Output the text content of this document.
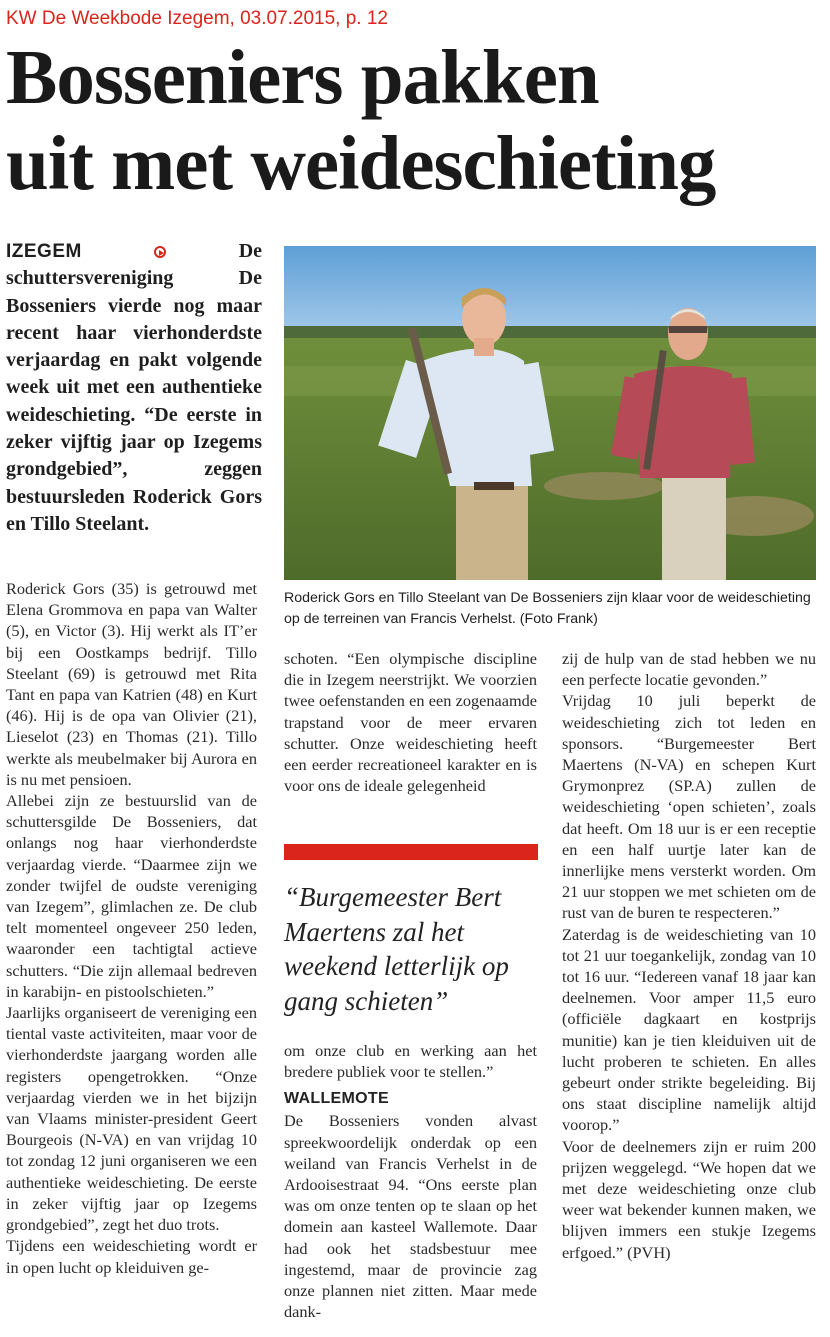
KW De Weekbode Izegem, 03.07.2015, p. 12
Bosseniers pakken
uit met weideschieting
IZEGEM	De schuttersvereniging De Bosseniers vierde nog maar recent haar vierhonderdste verjaardag en pakt volgende week uit met een authentieke weideschieting. “De eerste in zeker vijftig jaar op Izegems grondgebied”, zeggen bestuursleden Roderick Gors en Tillo Steelant.
Roderick Gors en Tillo Steelant van De Bosseniers zijn klaar voor de weideschieting op de terreinen van Francis Verhelst. (Foto Frank)

Roderick Gors (35) is getrouwd met Elena Grommova en papa van Walter (5), en Victor (3). Hij werkt als IT’er bij een Oostkamps bedrijf. Tillo Steelant (69) is getrouwd met Rita Tant en papa van Katrien (48) en Kurt (46). Hij is de opa van Olivier (21), Lieselot (23) en Thomas (21). Tillo werkte als meubelmaker bij Aurora en is nu met pensioen.

Allebei zijn ze bestuurslid van de schuttersgilde De Bosseniers, dat onlangs nog haar vierhonderdste verjaardag vierde. “Daarmee zijn we zonder twijfel de oudste vereniging van Izegem”, glimlachen ze. De club telt momenteel ongeveer 250 leden, waaronder een tachtigtal actieve schutters. “Die zijn allemaal bedreven in karabijn- en pistoolschieten.”

Jaarlijks organiseert de vereniging een tiental vaste activiteiten, maar voor de vierhonderdste jaargang worden alle registers opengetrokken. “Onze verjaardag vierden we in het bijzijn van Vlaams minister-president Geert Bourgeois (N-VA) en van vrijdag 10 tot zondag 12 juni organiseren we een authentieke weideschieting. De eerste in zeker vijftig jaar op Izegems grondgebied”, zegt het duo trots.

Tijdens een weideschieting wordt er in open lucht op kleiduiven ge-

schoten. “Een olympische discipline die in Izegem neerstrijkt. We voorzien twee oefenstanden en een zogenaamde trapstand voor de meer ervaren schutter. Onze weideschieting heeft een eerder recreationeel karakter en is voor ons de ideale gelegenheid

“Burgemeester Bert Maertens zal het weekend letterlijk op gang schieten”

om onze club en werking aan het bredere publiek voor te stellen.”

WALLEMOTE

De Bosseniers vonden alvast spreekwoordelijk onderdak op een weiland van Francis Verhelst in de Ardooisestraat 94. “Ons eerste plan was om onze tenten op te slaan op het domein aan kasteel Wallemote. Daar had ook het stadsbestuur mee ingestemd, maar de provincie zag onze plannen niet zitten. Maar mede dank-

zij de hulp van de stad hebben we nu een perfecte locatie gevonden.”

Vrijdag 10 juli beperkt de weideschieting zich tot leden en sponsors. “Burgemeester Bert Maertens (N-VA) en schepen Kurt Grymonprez (SP.A) zullen de weideschieting ‘open schieten’, zoals dat heeft. Om 18 uur is er een receptie en een half uurtje later kan de innerlijke mens versterkt worden. Om 21 uur stoppen we met schieten om de rust van de buren te respecteren.”

Zaterdag is de weideschieting van 10 tot 21 uur toegankelijk, zondag van 10 tot 16 uur. “Iedereen vanaf 18 jaar kan deelnemen. Voor amper 11,5 euro (officiële dagkaart en kostprijs munitie) kan je tien kleiduiven uit de lucht proberen te schieten. En alles gebeurt onder strikte begeleiding. Bij ons staat discipline namelijk altijd voorop.”

Voor de deelnemers zijn er ruim 200 prijzen weggelegd. “We hopen dat we met deze weideschieting onze club weer wat bekender kunnen maken, we blijven immers een stukje Izegems erfgoed.” (PVH)
